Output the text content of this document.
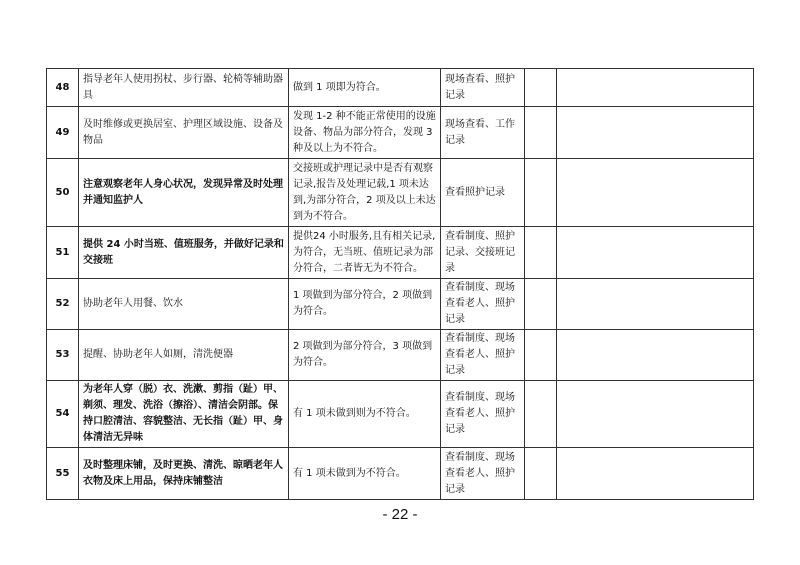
48	指导老年人使用拐杖、步行器、轮椅等辅助器具	做到 1 项即为符合。	现场查看、照护记录		
49	及时维修或更换居室、护理区域设施、设备及物品	发现 1-2 种不能正常使用的设施设备、物品为部分符合，发现 3 种及以上为不符合。	现场查看、工作记录		
50	注意观察老年人身心状况，发现异常及时处理并通知监护人	交接班或护理记录中是否有观察记录,报告及处理记载,1 项未达到,为部分符合，2 项及以上未达到为不符合。	查看照护记录		
51	提供 24 小时当班、值班服务，并做好记录和交接班	提供24 小时服务,且有相关记录,为符合，无当班、值班记录为部分符合，二者皆无为不符合。	查看制度、照护记录、交接班记录		
52	协助老年人用餐、饮水	1 项做到为部分符合，2 项做到为符合。	查看制度、现场查看老人、照护记录		
53	提醒、协助老年人如厕，清洗便器	2 项做到为部分符合，3 项做到为符合。	查看制度、现场查看老人、照护记录		
54	为老年人穿（脱）衣、洗漱、剪指（趾）甲、剃须、理发、洗浴（擦浴）、清洁会阴部。保持口腔清洁、容貌整洁、无长指（趾）甲、身体清洁无异味	有 1 项未做到则为不符合。	查看制度、现场查看老人、照护记录		
55	及时整理床铺，及时更换、清洗、晾晒老年人衣物及床上用品，保持床铺整洁	有 1 项未做到为不符合。	查看制度、现场查看老人、照护记录		
- 22 -
